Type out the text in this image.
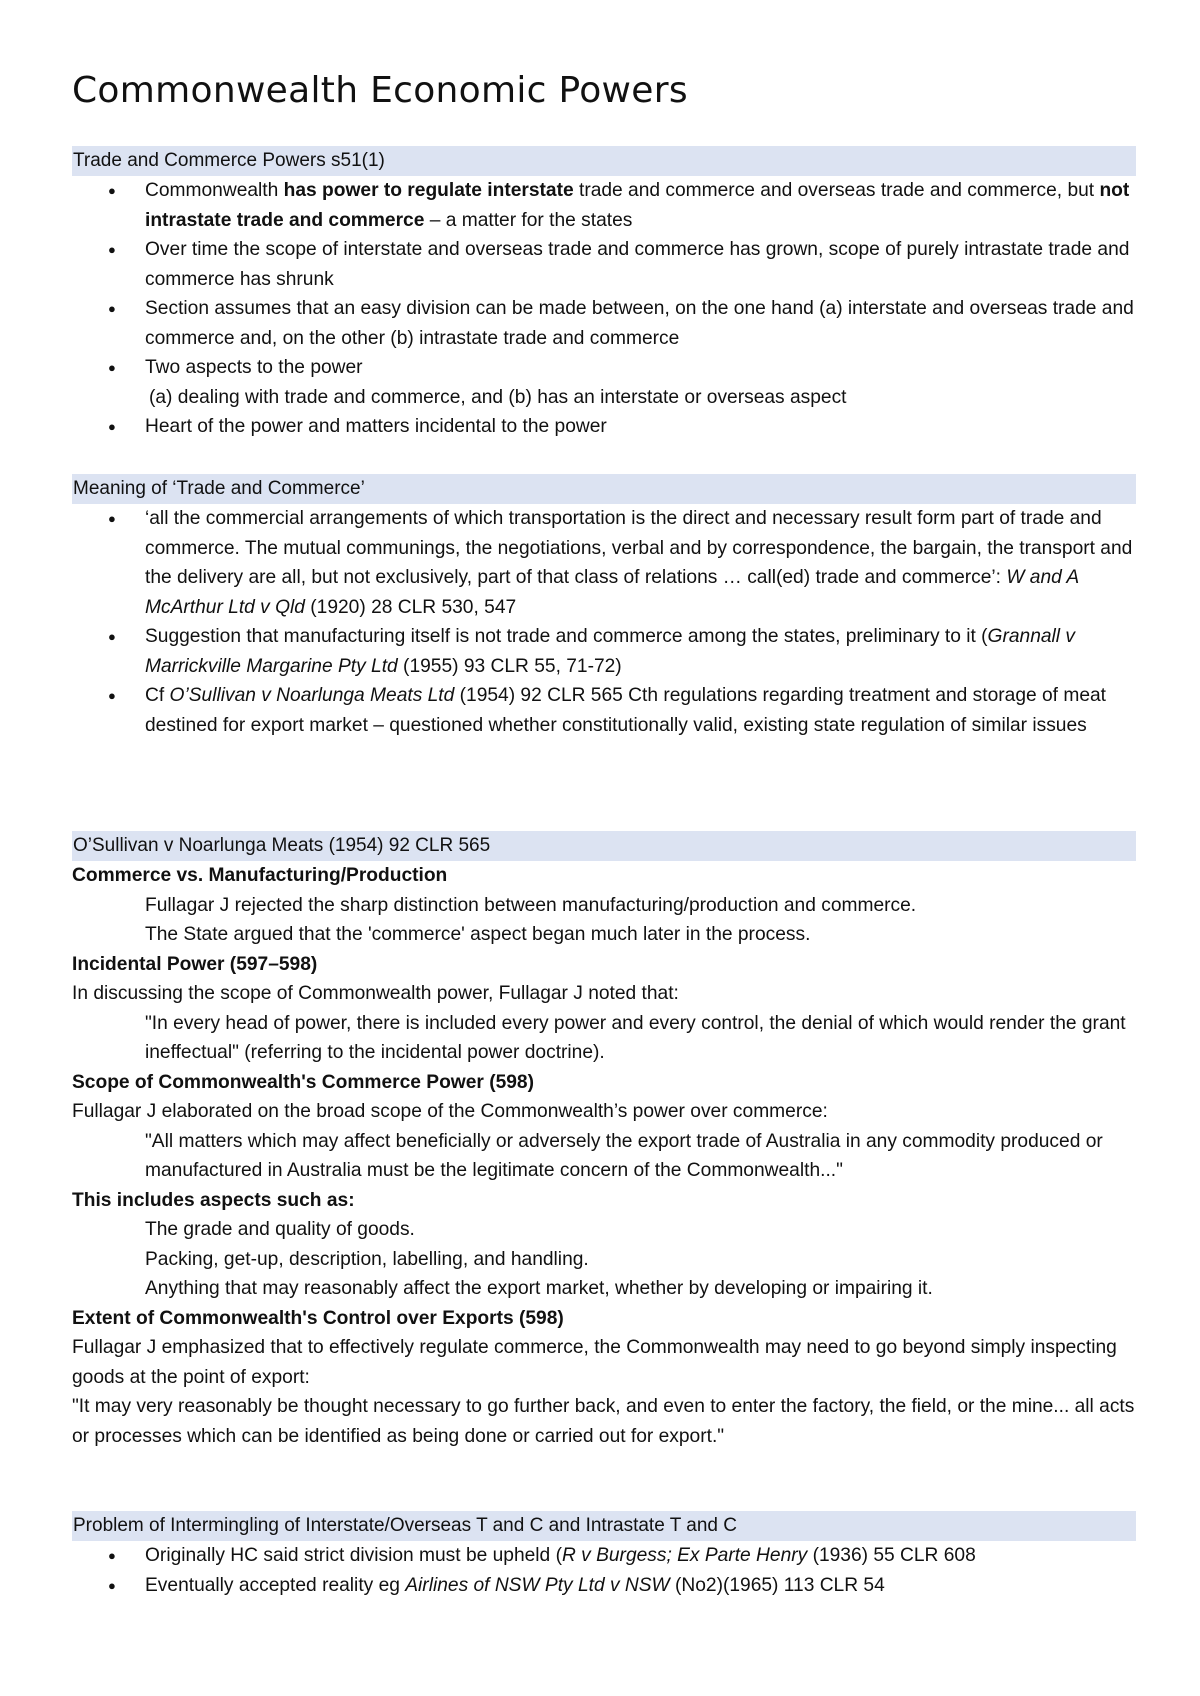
Commonwealth Economic Powers
Trade and Commerce Powers s51(1)
● Commonwealth has power to regulate interstate trade and commerce and overseas trade and commerce, but not intrastate trade and commerce – a matter for the states
● Over time the scope of interstate and overseas trade and commerce has grown, scope of purely intrastate trade and commerce has shrunk
● Section assumes that an easy division can be made between, on the one hand (a) interstate and overseas trade and commerce and, on the other (b) intrastate trade and commerce
● Two aspects to the power
(a) dealing with trade and commerce, and (b) has an interstate or overseas aspect
● Heart of the power and matters incidental to the power
Meaning of ‘Trade and Commerce’
● ‘all the commercial arrangements of which transportation is the direct and necessary result form part of trade and commerce. The mutual communings, the negotiations, verbal and by correspondence, the bargain, the transport and the delivery are all, but not exclusively, part of that class of relations … call(ed) trade and commerce’: W and A McArthur Ltd v Qld (1920) 28 CLR 530, 547
● Suggestion that manufacturing itself is not trade and commerce among the states, preliminary to it (Grannall v Marrickville Margarine Pty Ltd (1955) 93 CLR 55, 71-72)
● Cf O’Sullivan v Noarlunga Meats Ltd (1954) 92 CLR 565 Cth regulations regarding treatment and storage of meat destined for export market – questioned whether constitutionally valid, existing state regulation of similar issues
O’Sullivan v Noarlunga Meats (1954) 92 CLR 565
Commerce vs. Manufacturing/Production
Fullagar J rejected the sharp distinction between manufacturing/production and commerce.
The State argued that the 'commerce' aspect began much later in the process.
Incidental Power (597–598)
In discussing the scope of Commonwealth power, Fullagar J noted that:
"In every head of power, there is included every power and every control, the denial of which would render the grant ineffectual" (referring to the incidental power doctrine).
Scope of Commonwealth's Commerce Power (598)
Fullagar J elaborated on the broad scope of the Commonwealth’s power over commerce:
"All matters which may affect beneficially or adversely the export trade of Australia in any commodity produced or manufactured in Australia must be the legitimate concern of the Commonwealth..."
This includes aspects such as:
The grade and quality of goods.
Packing, get-up, description, labelling, and handling.
Anything that may reasonably affect the export market, whether by developing or impairing it.
Extent of Commonwealth's Control over Exports (598)
Fullagar J emphasized that to effectively regulate commerce, the Commonwealth may need to go beyond simply inspecting goods at the point of export:
"It may very reasonably be thought necessary to go further back, and even to enter the factory, the field, or the mine... all acts or processes which can be identified as being done or carried out for export."
Problem of Intermingling of Interstate/Overseas T and C and Intrastate T and C
● Originally HC said strict division must be upheld (R v Burgess; Ex Parte Henry (1936) 55 CLR 608
● Eventually accepted reality eg Airlines of NSW Pty Ltd v NSW (No2)(1965) 113 CLR 54
